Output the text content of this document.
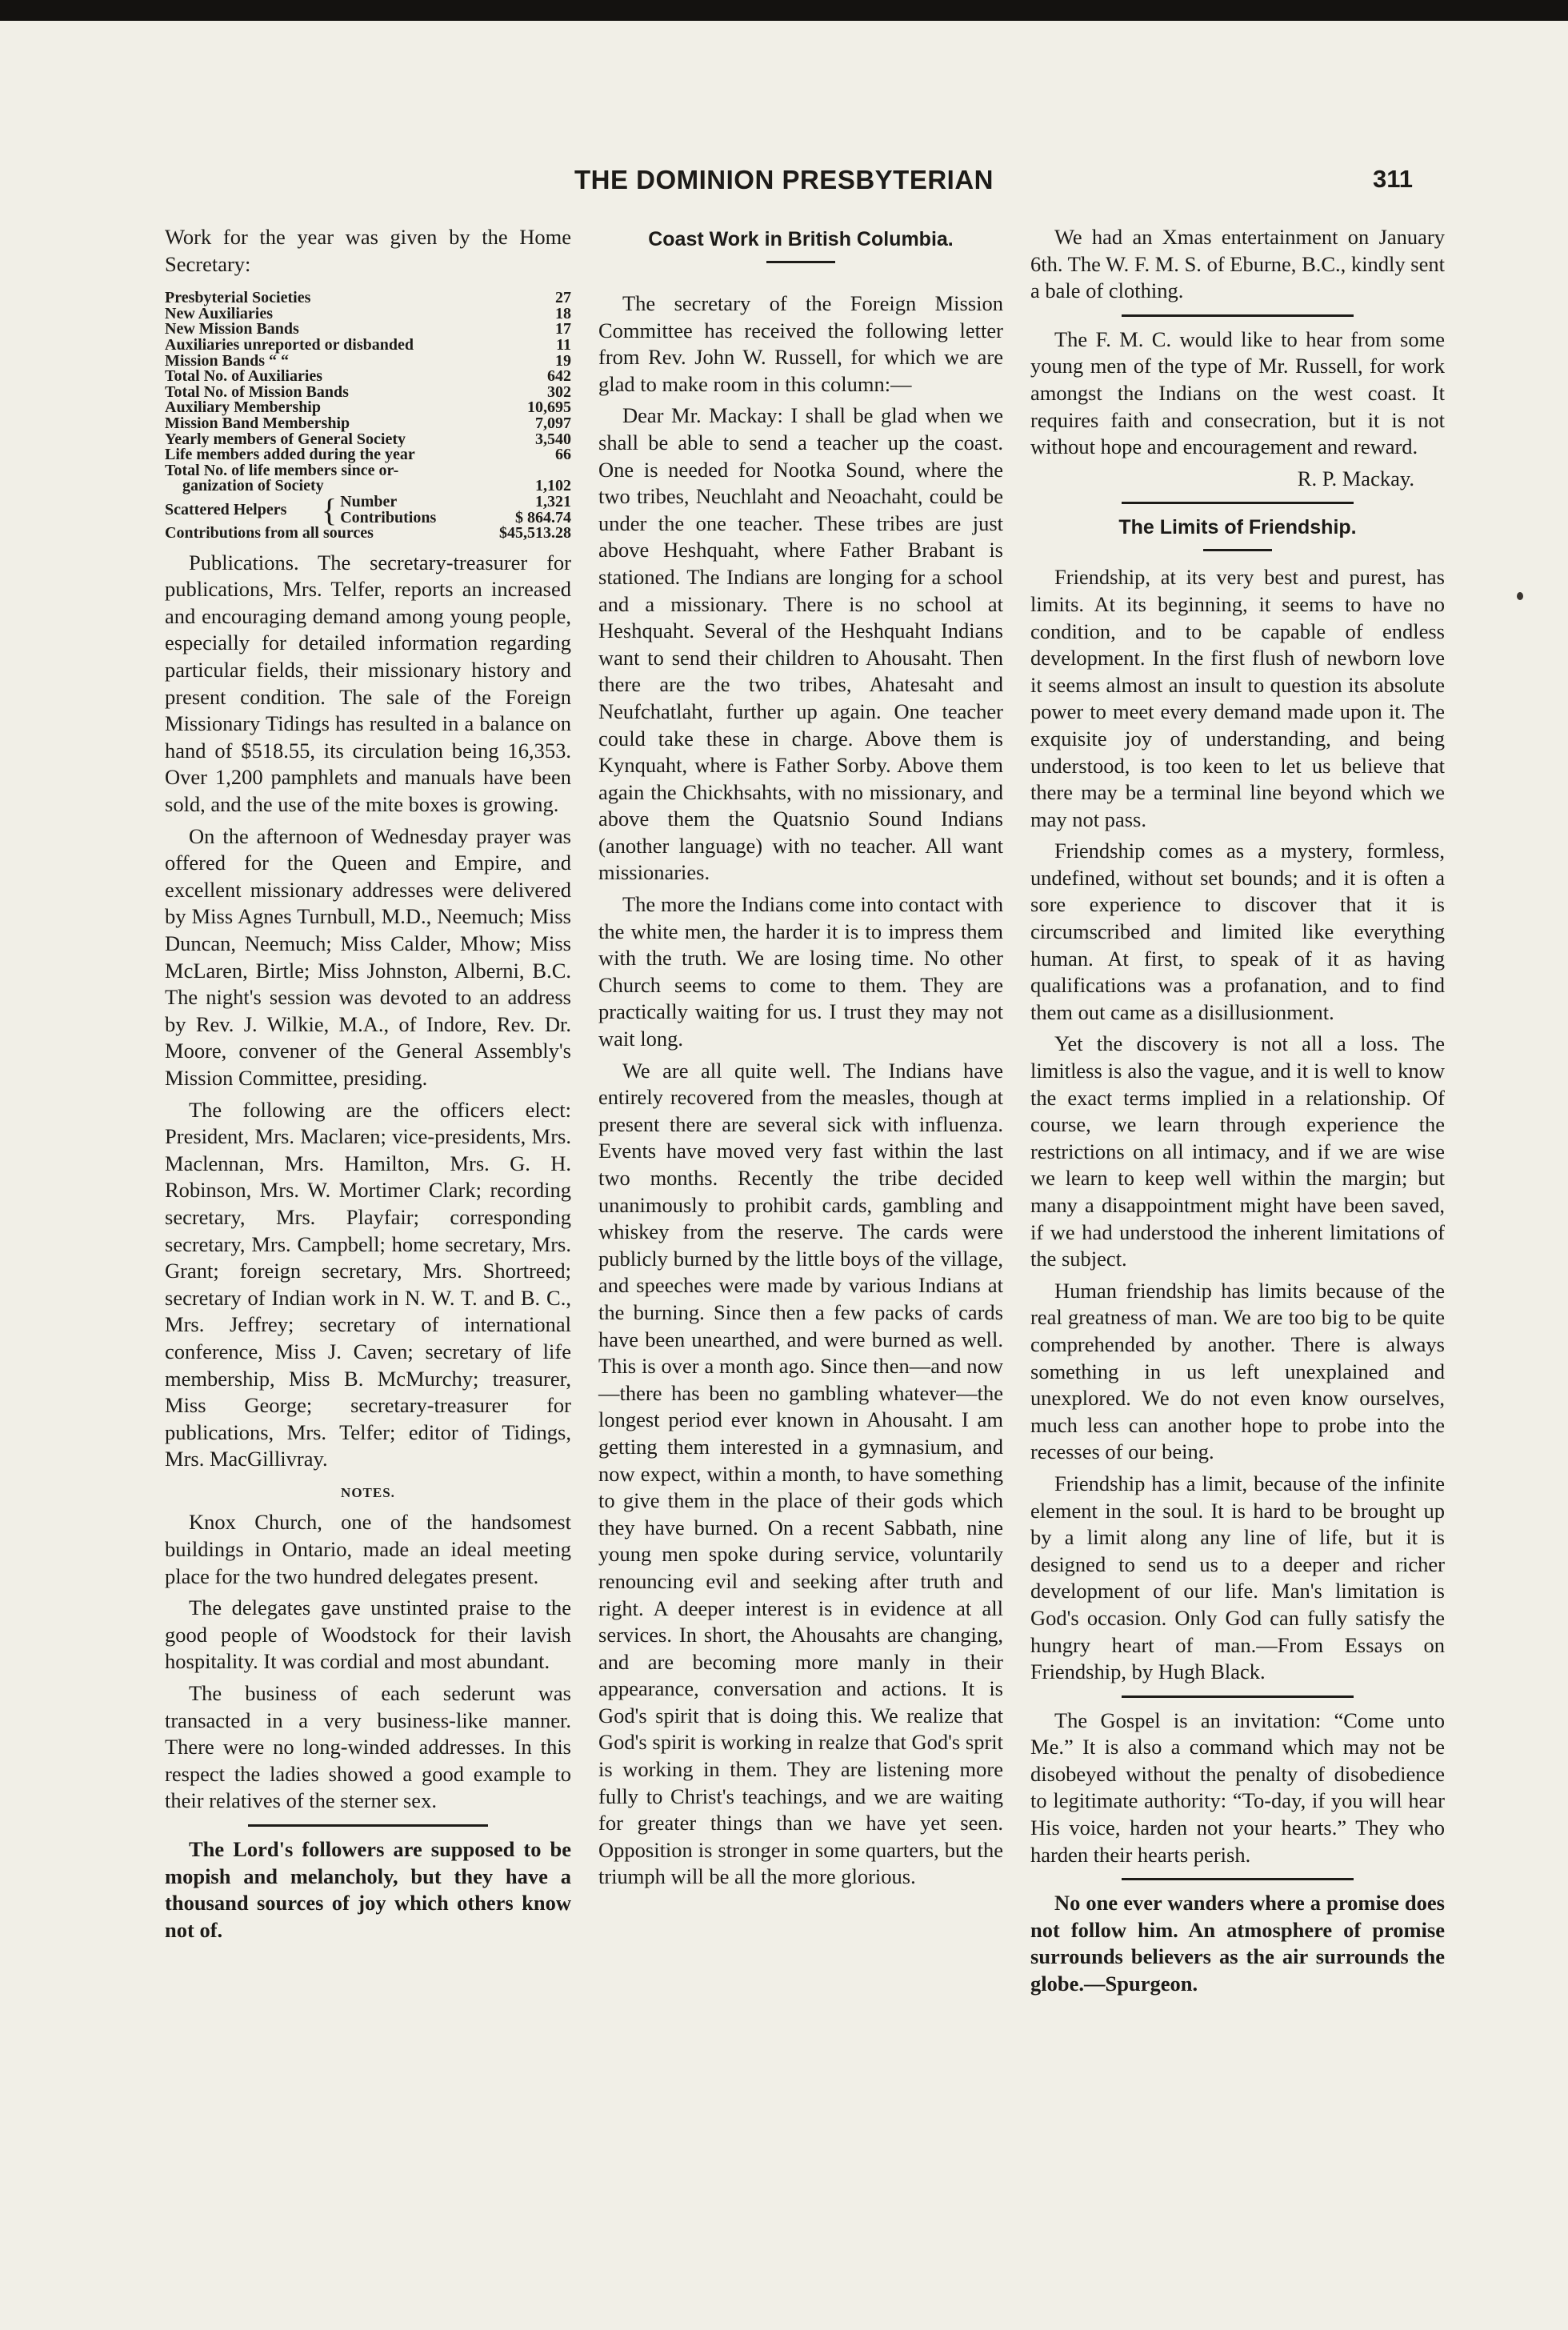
THE DOMINION PRESBYTERIAN	311

Work for the year was given by the Home Secretary:

Presbyterial Societies	27
New Auxiliaries	18
New Mission Bands	17
Auxiliaries unreported or disbanded	11
Mission Bands “ “	19
Total No. of Auxiliaries	642
Total No. of Mission Bands	302
Auxiliary Membership	10,695
Mission Band Membership	7,097
Yearly members of General Society	3,540
Life members added during the year	66
Total No. of life members since or-
ganization of Society	1,102
Scattered Helpers	{ Number	1,321
Contributions	$ 864.74
Contributions from all sources	$45,513.28

Publications. The secretary-treasurer for publications, Mrs. Telfer, reports an increased and encouraging demand among young people, especially for detailed information regarding particular fields, their missionary history and present condition. The sale of the Foreign Missionary Tidings has resulted in a balance on hand of $518.55, its circulation being 16,353. Over 1,200 pamphlets and manuals have been sold, and the use of the mite boxes is growing.

On the afternoon of Wednesday prayer was offered for the Queen and Empire, and excellent missionary addresses were delivered by Miss Agnes Turnbull, M.D., Neemuch; Miss Duncan, Neemuch; Miss Calder, Mhow; Miss McLaren, Birtle; Miss Johnston, Alberni, B.C. The night's session was devoted to an address by Rev. J. Wilkie, M.A., of Indore, Rev. Dr. Moore, convener of the General Assembly's Mission Committee, presiding.

The following are the officers elect: President, Mrs. Maclaren; vice-presidents, Mrs. Maclennan, Mrs. Hamilton, Mrs. G. H. Robinson, Mrs. W. Mortimer Clark; recording secretary, Mrs. Playfair; corresponding secretary, Mrs. Campbell; home secretary, Mrs. Grant; foreign secretary, Mrs. Shortreed; secretary of Indian work in N. W. T. and B. C., Mrs. Jeffrey; secretary of international conference, Miss J. Caven; secretary of life membership, Miss B. McMurchy; treasurer, Miss George; secretary-treasurer for publications, Mrs. Telfer; editor of Tidings, Mrs. MacGillivray.

NOTES.

Knox Church, one of the handsomest buildings in Ontario, made an ideal meeting place for the two hundred delegates present.

The delegates gave unstinted praise to the good people of Woodstock for their lavish hospitality. It was cordial and most abundant.

The business of each sederunt was transacted in a very business-like manner. There were no long-winded addresses. In this respect the ladies showed a good example to their relatives of the sterner sex.

The Lord's followers are supposed to be mopish and melancholy, but they have a thousand sources of joy which others know not of.

Coast Work in British Columbia.

The secretary of the Foreign Mission Committee has received the following letter from Rev. John W. Russell, for which we are glad to make room in this column:—

Dear Mr. Mackay: I shall be glad when we shall be able to send a teacher up the coast. One is needed for Nootka Sound, where the two tribes, Neuchlaht and Neoachaht, could be under the one teacher. These tribes are just above Heshquaht, where Father Brabant is stationed. The Indians are longing for a school and a missionary. There is no school at Heshquaht. Several of the Heshquaht Indians want to send their children to Ahousaht. Then there are the two tribes, Ahatesaht and Neufchatlaht, further up again. One teacher could take these in charge. Above them is Kynquaht, where is Father Sorby. Above them again the Chickhsahts, with no missionary, and above them the Quatsnio Sound Indians (another language) with no teacher. All want missionaries.

The more the Indians come into contact with the white men, the harder it is to impress them with the truth. We are losing time. No other Church seems to come to them. They are practically waiting for us. I trust they may not wait long.

We are all quite well. The Indians have entirely recovered from the measles, though at present there are several sick with influenza. Events have moved very fast within the last two months. Recently the tribe decided unanimously to prohibit cards, gambling and whiskey from the reserve. The cards were publicly burned by the little boys of the village, and speeches were made by various Indians at the burning. Since then a few packs of cards have been unearthed, and were burned as well. This is over a month ago. Since then—and now—there has been no gambling whatever—the longest period ever known in Ahousaht. I am getting them interested in a gymnasium, and now expect, within a month, to have something to give them in the place of their gods which they have burned. On a recent Sabbath, nine young men spoke during service, voluntarily renouncing evil and seeking after truth and right. A deeper interest is in evidence at all services. In short, the Ahousahts are changing, and are becoming more manly in their appearance, conversation and actions. It is God's spirit that is doing this. We realize that God's spirit is working in realze that God's sprit is working in them. They are listening more fully to Christ's teachings, and we are waiting for greater things than we have yet seen. Opposition is stronger in some quarters, but the triumph will be all the more glorious.

We had an Xmas entertainment on January 6th. The W. F. M. S. of Eburne, B.C., kindly sent a bale of clothing.

The F. M. C. would like to hear from some young men of the type of Mr. Russell, for work amongst the Indians on the west coast. It requires faith and consecration, but it is not without hope and encouragement and reward.

R. P. Mackay.

The Limits of Friendship.

Friendship, at its very best and purest, has limits. At its beginning, it seems to have no condition, and to be capable of endless development. In the first flush of newborn love it seems almost an insult to question its absolute power to meet every demand made upon it. The exquisite joy of understanding, and being understood, is too keen to let us believe that there may be a terminal line beyond which we may not pass.

Friendship comes as a mystery, formless, undefined, without set bounds; and it is often a sore experience to discover that it is circumscribed and limited like everything human. At first, to speak of it as having qualifications was a profanation, and to find them out came as a disillusionment.

Yet the discovery is not all a loss. The limitless is also the vague, and it is well to know the exact terms implied in a relationship. Of course, we learn through experience the restrictions on all intimacy, and if we are wise we learn to keep well within the margin; but many a disappointment might have been saved, if we had understood the inherent limitations of the subject.

Human friendship has limits because of the real greatness of man. We are too big to be quite comprehended by another. There is always something in us left unexplained and unexplored. We do not even know ourselves, much less can another hope to probe into the recesses of our being.

Friendship has a limit, because of the infinite element in the soul. It is hard to be brought up by a limit along any line of life, but it is designed to send us to a deeper and richer development of our life. Man's limitation is God's occasion. Only God can fully satisfy the hungry heart of man.—From Essays on Friendship, by Hugh Black.

The Gospel is an invitation: “Come unto Me.” It is also a command which may not be disobeyed without the penalty of disobedience to legitimate authority: “To-day, if you will hear His voice, harden not your hearts.” They who harden their hearts perish.

No one ever wanders where a promise does not follow him. An atmosphere of promise surrounds believers as the air surrounds the globe.—Spurgeon.
